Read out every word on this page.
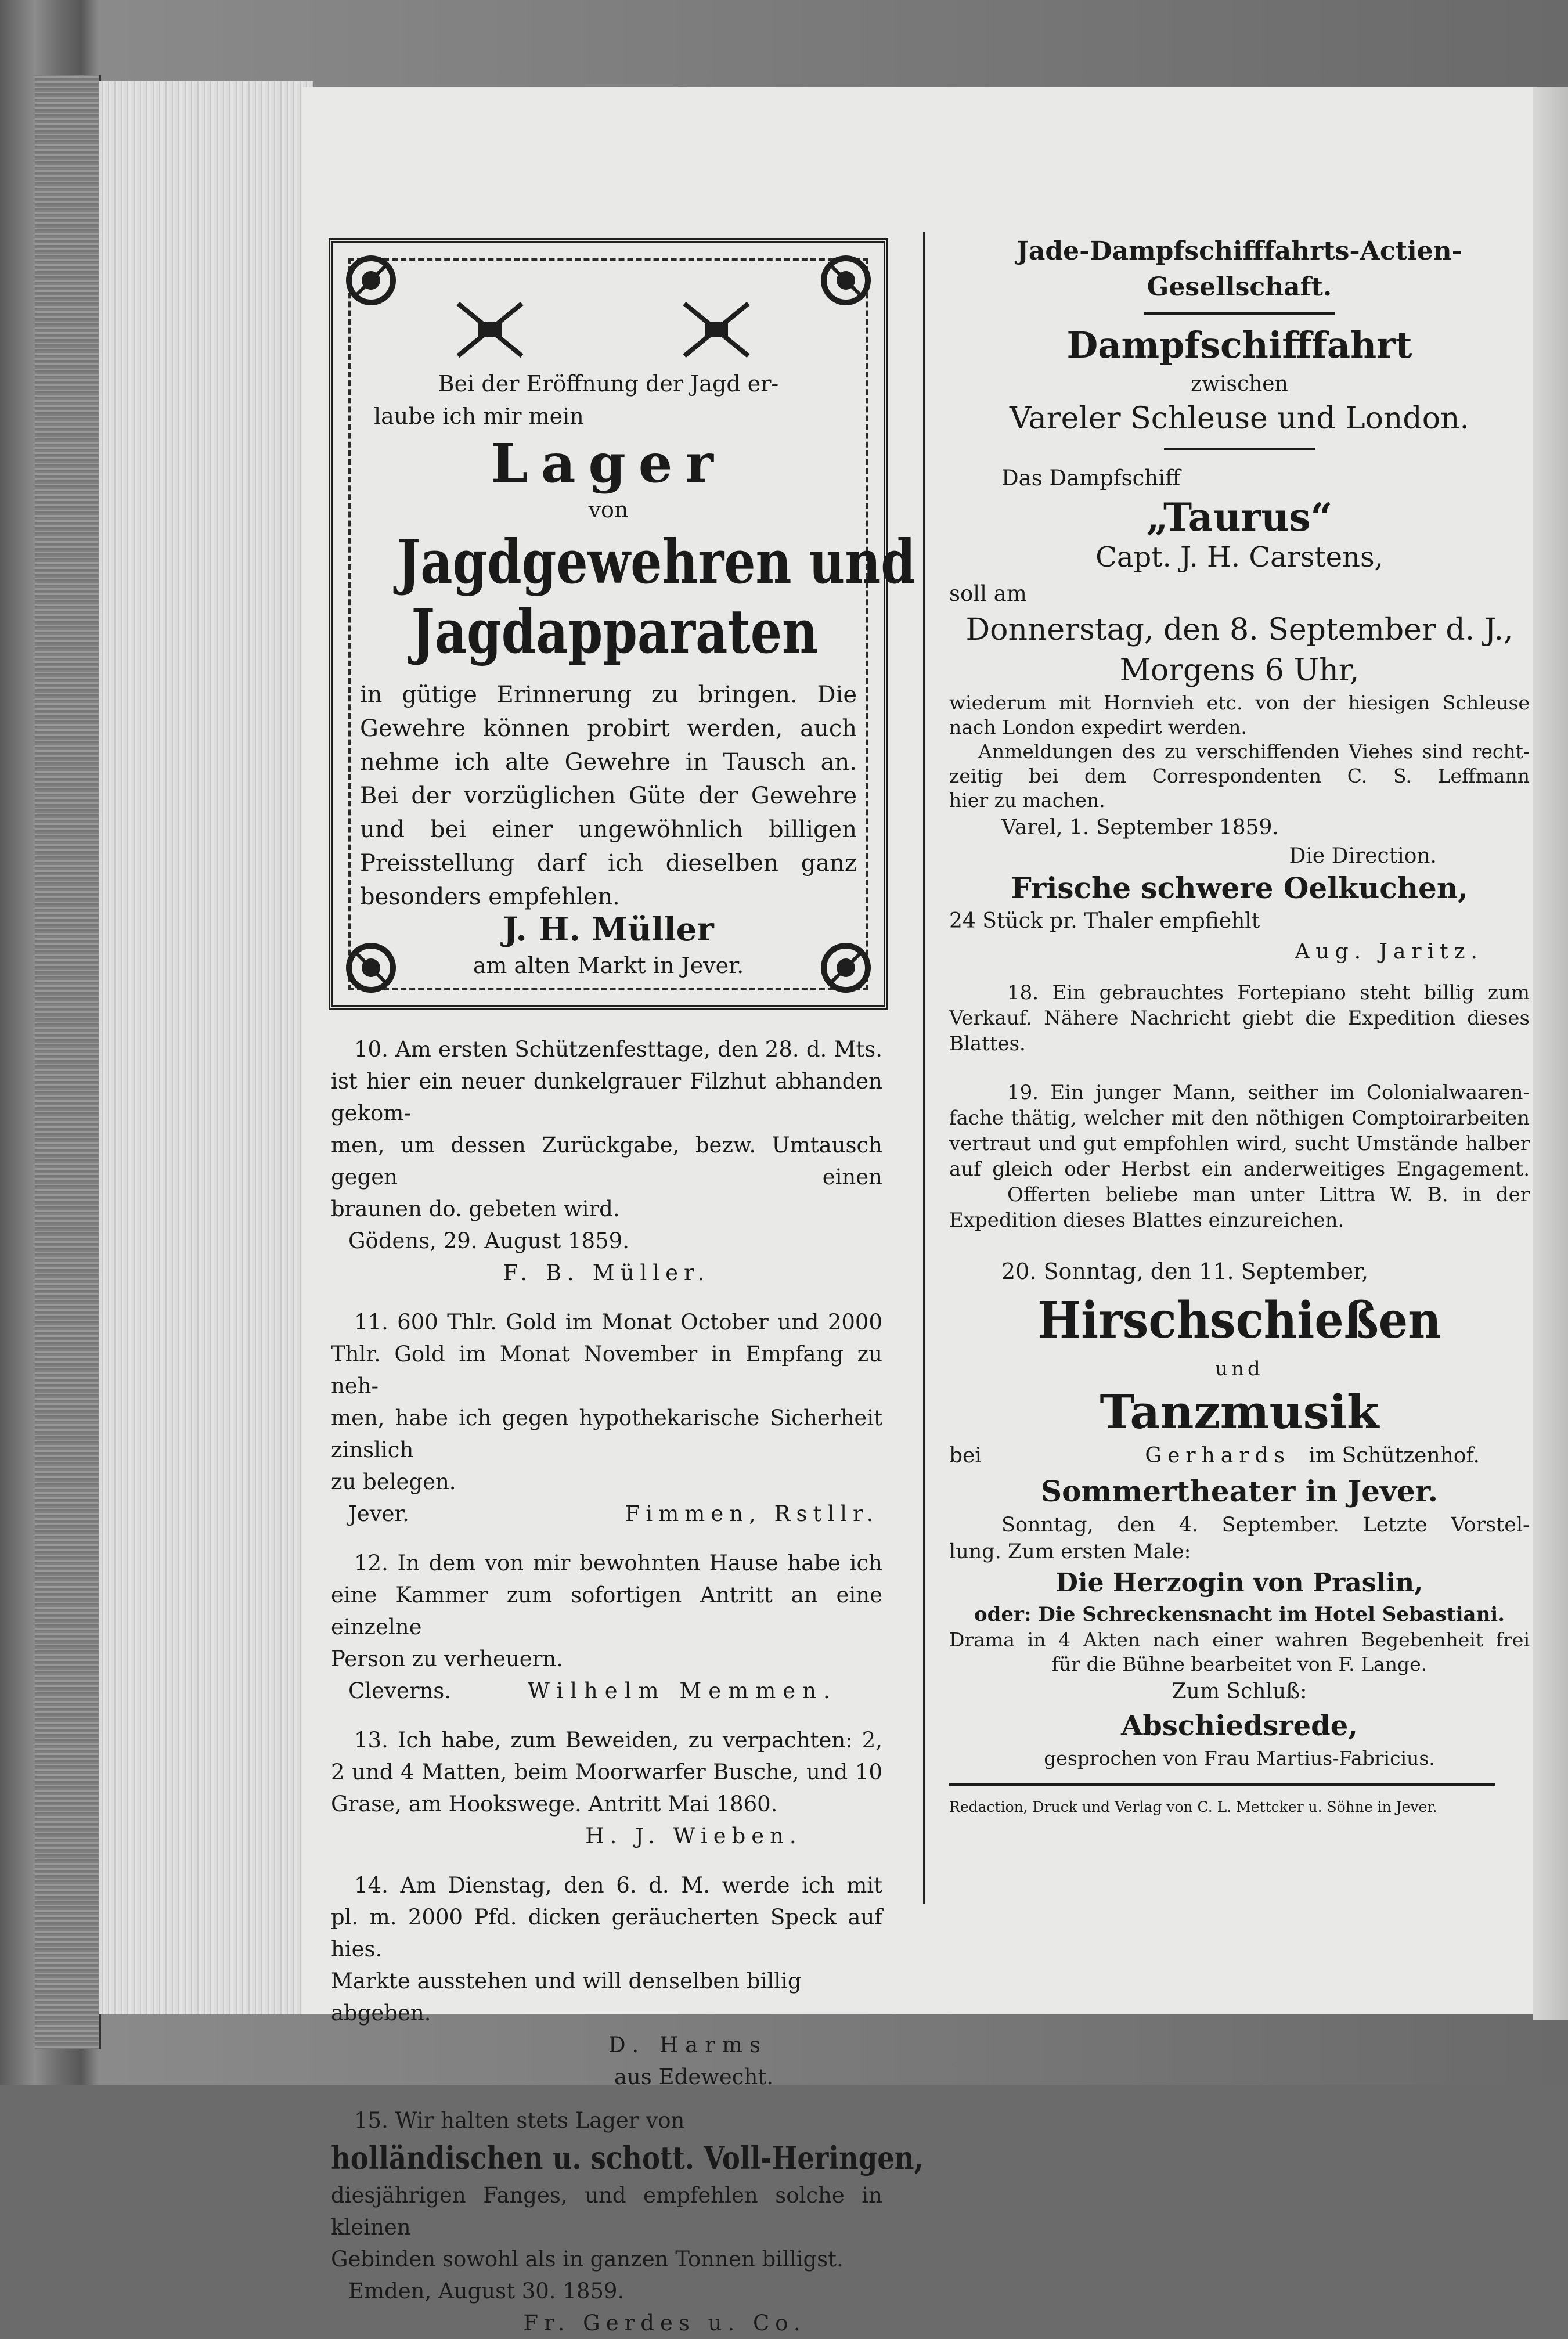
Bei der Eröffnung der Jagd er-

laube ich mir mein

Lager
von
Jagdgewehren und
Jagdapparaten

in gütige Erinnerung zu bringen. Die

Gewehre können probirt werden, auch

nehme ich alte Gewehre in Tausch an.

Bei der vorzüglichen Güte der Gewehre

und bei einer ungewöhnlich billigen

Preisstellung darf ich dieselben ganz

besonders empfehlen.

J. H. Müller
am alten Markt in Jever.

10. Am ersten Schützenfesttage, den 28. d. Mts.

ist hier ein neuer dunkelgrauer Filzhut abhanden gekom-

men, um dessen Zurückgabe, bezw. Umtausch gegen einen

braunen do. gebeten wird.

Gödens, 29. August 1859.

F. B. Müller.

11. 600 Thlr. Gold im Monat October und 2000

Thlr. Gold im Monat November in Empfang zu neh-

men, habe ich gegen hypothekarische Sicherheit zinslich

zu belegen.

Jever.	Fimmen, Rstllr.

12. In dem von mir bewohnten Hause habe ich

eine Kammer zum sofortigen Antritt an eine einzelne

Person zu verheuern.

Cleverns.	Wilhelm Memmen.

13. Ich habe, zum Beweiden, zu verpachten: 2,

2 und 4 Matten, beim Moorwarfer Busche, und 10

Grase, am Hookswege. Antritt Mai 1860.

H. J. Wieben.

14. Am Dienstag, den 6. d. M. werde ich mit

pl. m. 2000 Pfd. dicken geräucherten Speck auf hies.

Markte ausstehen und will denselben billig abgeben.

D. Harms

aus Edewecht.

15. Wir halten stets Lager von

holländischen u. schott. Voll-Heringen,

diesjährigen Fanges, und empfehlen solche in kleinen

Gebinden sowohl als in ganzen Tonnen billigst.

Emden, August 30. 1859.

Fr. Gerdes u. Co.

Jade-Dampfschifffahrts-Actien-

Gesellschaft.

Dampfschifffahrt

zwischen

Vareler Schleuse und London.

Das Dampfschiff

„Taurus“

Capt. J. H. Carstens,

soll am

Donnerstag, den 8. September d. J.,

Morgens 6 Uhr,

wiederum mit Hornvieh etc. von der hiesigen Schleuse

nach London expedirt werden.

Anmeldungen des zu verschiffenden Viehes sind recht-

zeitig bei dem Correspondenten C. S. Leffmann

hier zu machen.

Varel, 1. September 1859.

Die Direction.

Frische schwere Oelkuchen,

24 Stück pr. Thaler empfiehlt

Aug. Jaritz.

18. Ein gebrauchtes Fortepiano steht billig zum

Verkauf. Nähere Nachricht giebt die Expedition dieses

Blattes.

19. Ein junger Mann, seither im Colonialwaaren-

fache thätig, welcher mit den nöthigen Comptoirarbeiten

vertraut und gut empfohlen wird, sucht Umstände halber

auf gleich oder Herbst ein anderweitiges Engagement.

Offerten beliebe man unter Littra W. B. in der

Expedition dieses Blattes einzureichen.

20. Sonntag, den 11. September,

Hirschschießen

und

Tanzmusik

bei	Gerhards im Schützenhof.

Sommertheater in Jever.

Sonntag, den 4. September. Letzte Vorstel-

lung. Zum ersten Male:

Die Herzogin von Praslin,

oder: Die Schreckensnacht im Hotel Sebastiani.

Drama in 4 Akten nach einer wahren Begebenheit frei

für die Bühne bearbeitet von F. Lange.

Zum Schluß:

Abschiedsrede,

gesprochen von Frau Martius-Fabricius.

Redaction, Druck und Verlag von C. L. Mettcker u. Söhne in Jever.
